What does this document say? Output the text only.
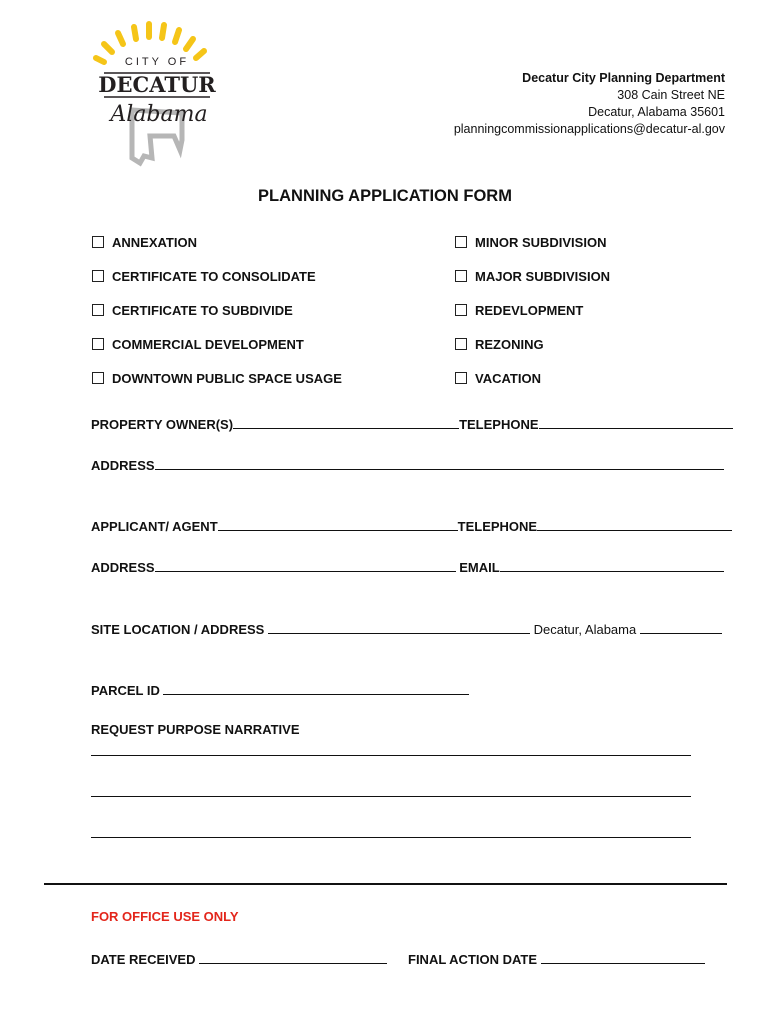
CITY OF
DECATUR
Alabama
Decatur City Planning Department
308 Cain Street NE
Decatur, Alabama 35601
planningcommissionapplications@decatur-al.gov
PLANNING APPLICATION FORM
ANNEXATION
CERTIFICATE TO CONSOLIDATE
CERTIFICATE TO SUBDIVIDE
COMMERCIAL DEVELOPMENT
DOWNTOWN PUBLIC SPACE USAGE
MINOR SUBDIVISION
MAJOR SUBDIVISION
REDEVLOPMENT
REZONING
VACATION
PROPERTY OWNER(S)	TELEPHONE
ADDRESS
APPLICANT/ AGENT	TELEPHONE
ADDRESS	EMAIL
SITE LOCATION / ADDRESS	Decatur, Alabama
PARCEL ID
REQUEST PURPOSE NARRATIVE
FOR OFFICE USE ONLY
DATE RECEIVED	FINAL ACTION DATE
